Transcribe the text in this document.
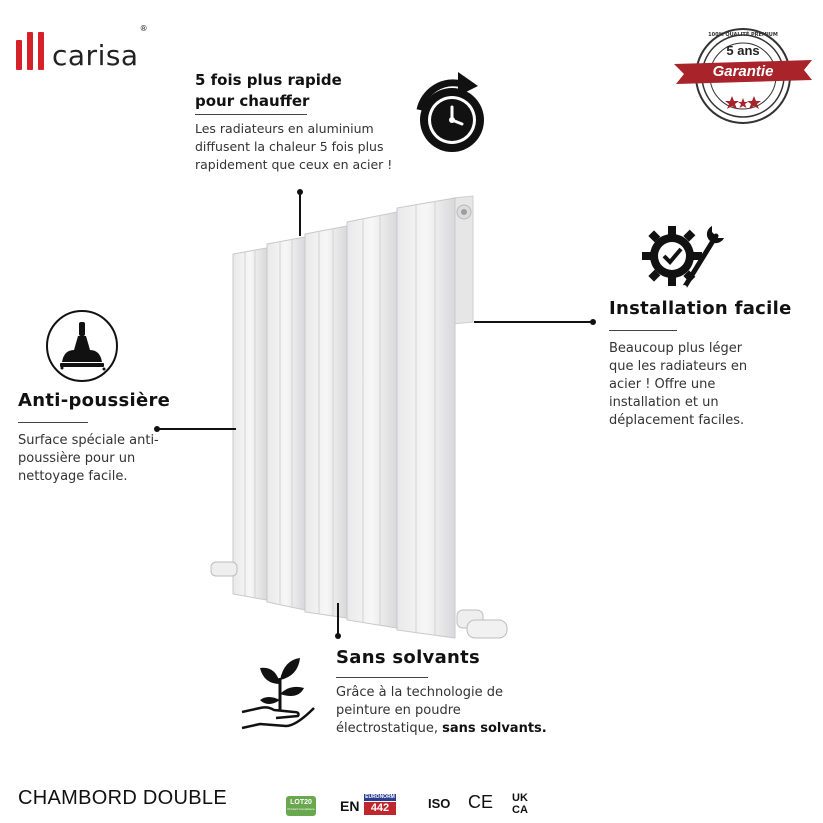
carisa
®
100% QUALITÉ PREMIUM
5 ans
Garantie
5 fois plus rapide
pour chauffer
Les radiateurs en aluminium
diffusent la chaleur 5 fois plus
rapidement que ceux en acier !
Installation facile
Beaucoup plus léger
que les radiateurs en
acier ! Offre une
installation et un
déplacement faciles.
Anti-poussière
Surface spéciale anti-
poussière pour un
nettoyage facile.
Sans solvants
Grâce à la technologie de
peinture en poudre
électrostatique, sans solvants.
CHAMBORD DOUBLE	LOT20
Product Compliance EN
EURONORM
442	ISO CE UK
CA
